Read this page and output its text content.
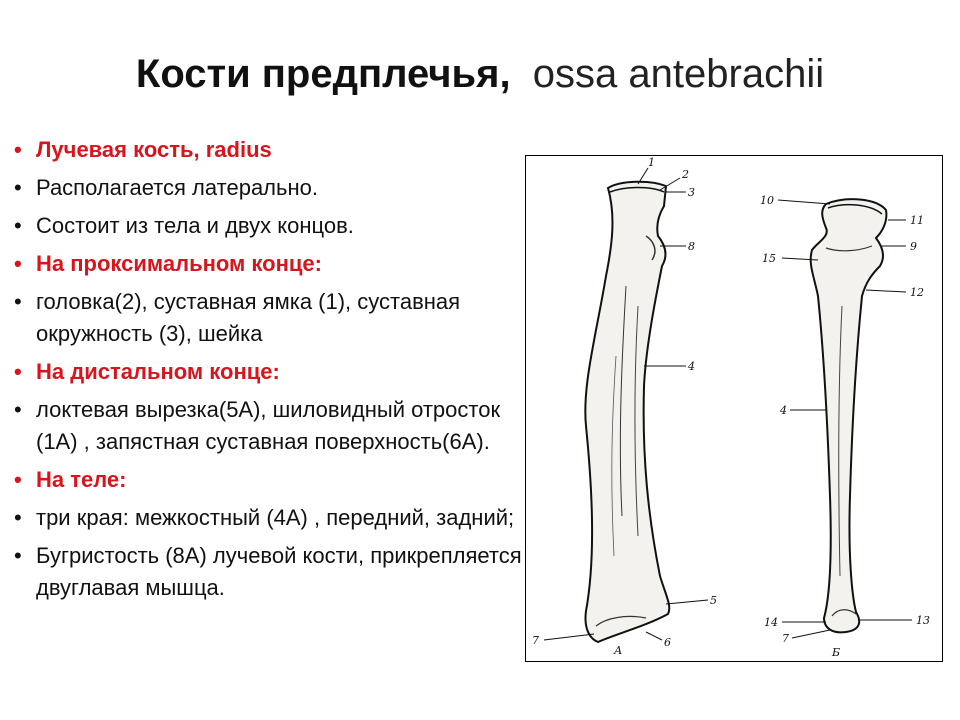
Кости предплечья, ossa antebrachii
• Лучевая кость, radius
• Располагается латерально.
• Состоит из тела и двух концов.
• На проксимальном конце:
• головка(2), суставная ямка (1), суставная окружность (3), шейка
• На дистальном конце:
• локтевая вырезка(5А), шиловидный отросток (1А) , запястная суставная поверхность(6А).
• На теле:
• три края: межкостный (4А) , передний, задний;
• Бугристость (8А) лучевой кости, прикрепляется двуглавая мышца.
1
2
3
8
4
5
7	6
А
10
11
9
15
12
4
14	13
7
Б
